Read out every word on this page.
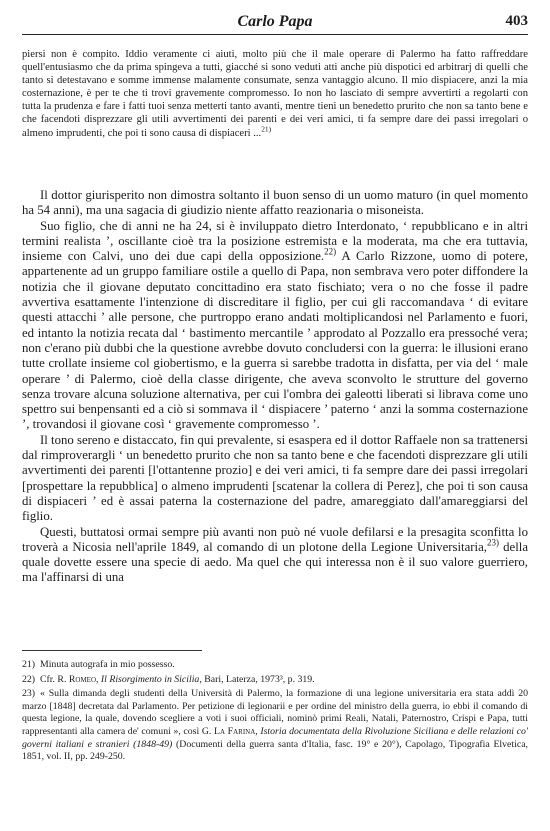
Carlo Papa	403

piersi non è compito. Iddio veramente ci aiuti, molto più che il male operare di Palermo ha fatto raffreddare quell'entusiasmo che da prima spingeva a tutti, giacché si sono veduti atti anche più dispotici ed arbitrarj di quelli che tanto si detestavano e somme immense malamente consumate, senza vantaggio alcuno. Il mio dispiacere, anzi la mia costernazione, è per te che ti trovi gravemente compromesso. Io non ho lasciato di sempre avvertirti a regolarti con tutta la prudenza e fare i fatti tuoi senza metterti tanto avanti, mentre tieni un benedetto prurito che non sa tanto bene e che facendoti disprezzare gli utili avvertimenti dei parenti e dei veri amici, ti fa sempre dare dei passi irregolari o almeno imprudenti, che poi ti sono causa di dispiaceri ...$^{21)}$

Il dottor giurisperito non dimostra soltanto il buon senso di un uomo maturo (in quel momento ha 54 anni), ma una sagacia di giudizio niente affatto reazionaria o misoneista.

Suo figlio, che di anni ne ha 24, si è inviluppato dietro Interdonato, ‘ repubblicano e in altri termini realista ’, oscillante cioè tra la posizione estremista e la moderata, ma che era tuttavia, insieme con Calvi, uno dei due capi della opposizione.$^{22)}$ A Carlo Rizzone, uomo di potere, appartenente ad un gruppo familiare ostile a quello di Papa, non sembrava vero poter diffondere la notizia che il giovane deputato concittadino era stato fischiato; vera o no che fosse il padre avvertiva esattamente l'intenzione di discreditare il figlio, per cui gli raccomandava ‘ di evitare questi attacchi ’ alle persone, che purtroppo erano andati moltiplicandosi nel Parlamento e fuori, ed intanto la notizia recata dal ‘ bastimento mercantile ’ approdato al Pozzallo era pressoché vera; non c'erano più dubbi che la questione avrebbe dovuto concludersi con la guerra: le illusioni erano tutte crollate insieme col giobertismo, e la guerra si sarebbe tradotta in disfatta, per via del ‘ male operare ’ di Palermo, cioè della classe dirigente, che aveva sconvolto le strutture del governo senza trovare alcuna soluzione alternativa, per cui l'ombra dei galeotti liberati si librava come uno spettro sui benpensanti ed a ciò si sommava il ‘ dispiacere ’ paterno ‘ anzi la somma costernazione ’, trovandosi il giovane così ‘ gravemente compromesso ’.

Il tono sereno e distaccato, fin qui prevalente, si esaspera ed il dottor Raffaele non sa trattenersi dal rimproverargli ‘ un benedetto prurito che non sa tanto bene e che facendoti disprezzare gli utili avvertimenti dei parenti [l'ottantenne prozio] e dei veri amici, ti fa sempre dare dei passi irregolari [prospettare la repubblica] o almeno imprudenti [scatenar la collera di Perez], che poi ti son causa di dispiaceri ’ ed è assai paterna la costernazione del padre, amareggiato dall'amareggiarsi del figlio.

Questi, buttatosi ormai sempre più avanti non può né vuole defilarsi e la presagita sconfitta lo troverà a Nicosia nell'aprile 1849, al comando di un plotone della Legione Universitaria,$^{23)}$ della quale dovette essere una specie di aedo. Ma quel che qui interessa non è il suo valore guerriero, ma l'affinarsi di una

21) Minuta autografa in mio possesso.

22) Cfr. R. Romeo, Il Risorgimento in Sicilia, Bari, Laterza, 1973³, p. 319.

23) « Sulla dimanda degli studenti della Università di Palermo, la formazione di una legione universitaria era stata addì 20 marzo [1848] decretata dal Parlamento. Per petizione di legionarii e per ordine del ministro della guerra, io ebbi il comando di questa legione, la quale, dovendo scegliere a voti i suoi officiali, nominò primi Reali, Natali, Paternostro, Crispi e Papa, tutti rappresentanti alla camera de' comuni », così G. La Farina, Istoria documentata della Rivoluzione Siciliana e delle relazioni co' governi italiani e stranieri (1848-49) (Documenti della guerra santa d'Italia, fasc. 19° e 20°), Capolago, Tipografia Elvetica, 1851, vol. II, pp. 249-250.
